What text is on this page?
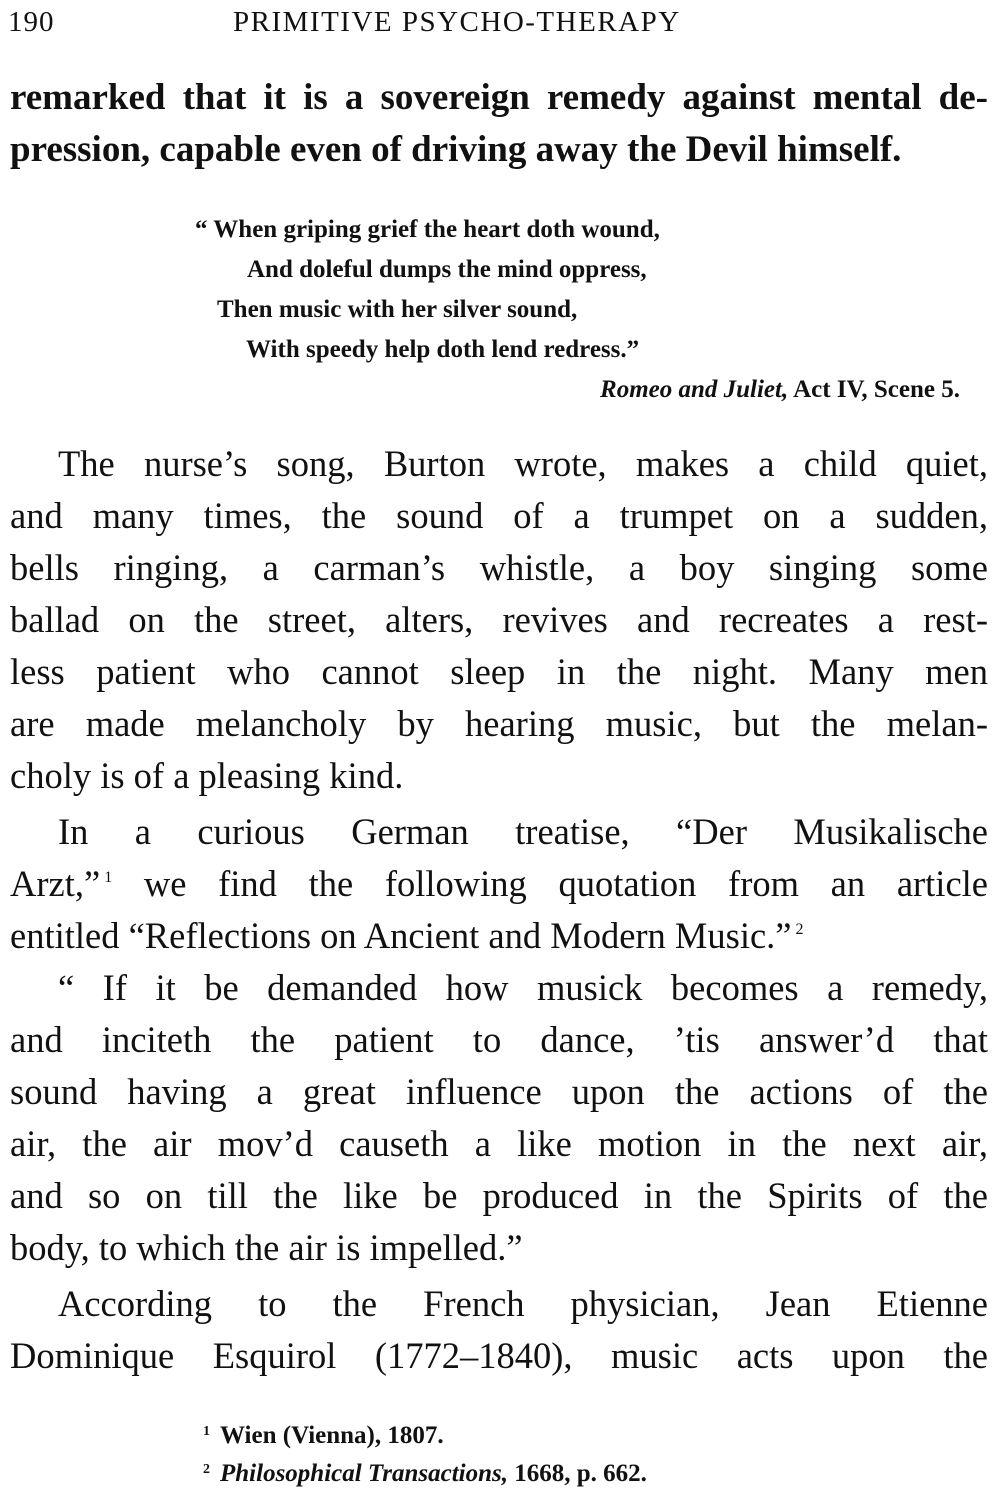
190	PRIMITIVE PSYCHO-THERAPY
remarked that it is a sovereign remedy against mental de-
pression, capable even of driving away the Devil himself.
“ When griping grief the heart doth wound,
And doleful dumps the mind oppress,
Then music with her silver sound,
With speedy help doth lend redress.”
Romeo and Juliet, Act IV, Scene 5.
The nurse’s song, Burton wrote, makes a child quiet,
and many times, the sound of a trumpet on a sudden,
bells ringing, a carman’s whistle, a boy singing some
ballad on the street, alters, revives and recreates a rest-
less patient who cannot sleep in the night. Many men
are made melancholy by hearing music, but the melan-
choly is of a pleasing kind.
In a curious German treatise, “Der Musikalische
Arzt,” $^1$ we find the following quotation from an article
entitled “Reflections on Ancient and Modern Music.” $^2$
“ If it be demanded how musick becomes a remedy,
and inciteth the patient to dance, ’tis answer’d that
sound having a great influence upon the actions of the
air, the air mov’d causeth a like motion in the next air,
and so on till the like be produced in the Spirits of the
body, to which the air is impelled.”
According to the French physician, Jean Etienne
Dominique Esquirol (1772–1840), music acts upon the
$^1$ Wien (Vienna), 1807.
$^2$ Philosophical Transactions, 1668, p. 662.
